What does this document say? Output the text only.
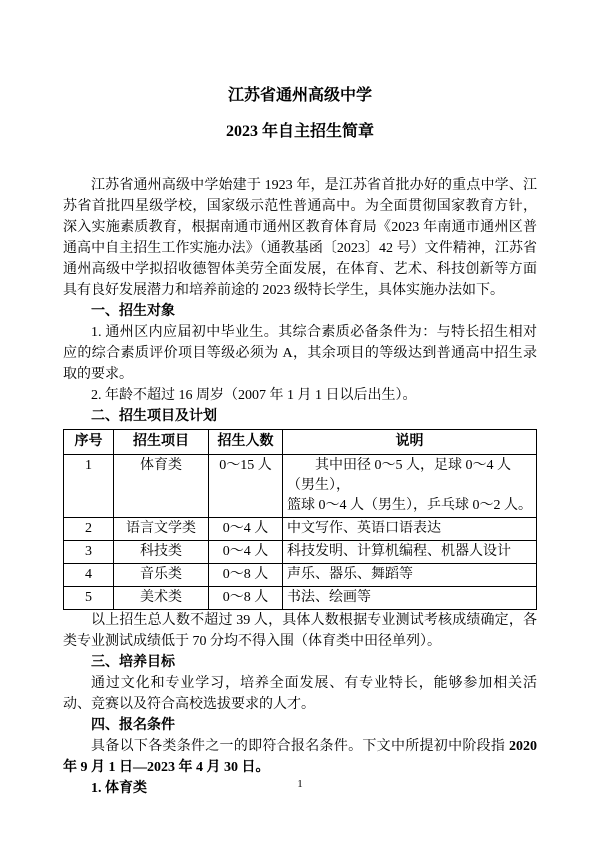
江苏省通州高级中学
2023 年自主招生简章

江苏省通州高级中学始建于 1923 年，是江苏省首批办好的重点中学、江苏省首批四星级学校，国家级示范性普通高中。为全面贯彻国家教育方针，深入实施素质教育，根据南通市通州区教育体育局《2023 年南通市通州区普通高中自主招生工作实施办法》（通教基函〔2023〕42 号）文件精神，江苏省通州高级中学拟招收德智体美劳全面发展，在体育、艺术、科技创新等方面具有良好发展潜力和培养前途的 2023 级特长学生，具体实施办法如下。

一、招生对象

1. 通州区内应届初中毕业生。其综合素质必备条件为：与特长招生相对应的综合素质评价项目等级必须为 A，其余项目的等级达到普通高中招生录取的要求。

2. 年龄不超过 16 周岁（2007 年 1 月 1 日以后出生）。

二、招生项目及计划

序号	招生项目	招生人数	说明
1	体育类	0～15 人	其中田径 0～5 人，足球 0～4 人（男生），
篮球 0～4 人（男生），乒乓球 0～2 人。

2	语言文学类	0～4 人	中文写作、英语口语表达
3	科技类	0～4 人	科技发明、计算机编程、机器人设计
4	音乐类	0～8 人	声乐、器乐、舞蹈等
5	美术类	0～8 人	书法、绘画等

以上招生总人数不超过 39 人，具体人数根据专业测试考核成绩确定，各类专业测试成绩低于 70 分均不得入围（体育类中田径单列）。

三、培养目标

通过文化和专业学习，培养全面发展、有专业特长，能够参加相关活动、竞赛以及符合高校选拔要求的人才。

四、报名条件

具备以下各类条件之一的即符合报名条件。下文中所提初中阶段指 2020 年 9 月 1 日—2023 年 4 月 30 日。

1. 体育类	1
